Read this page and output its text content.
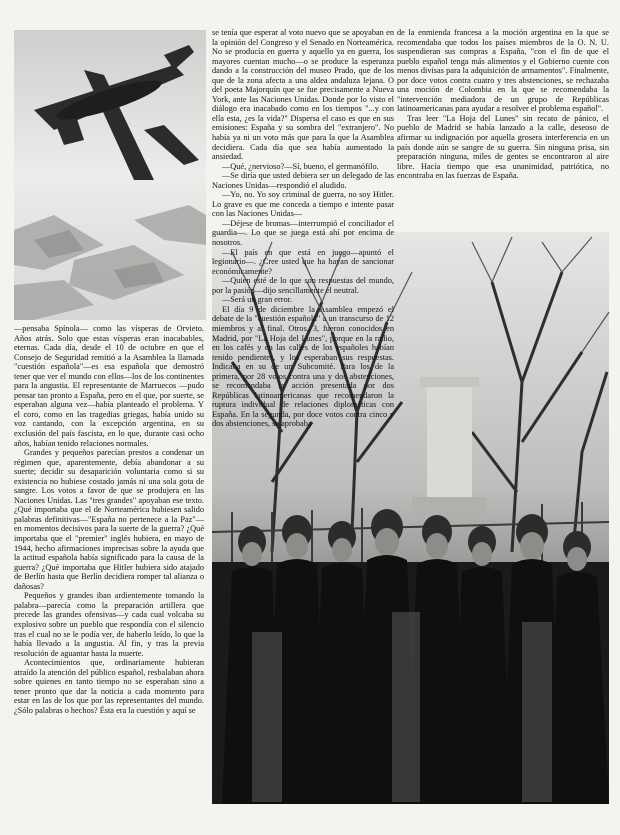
—pensaba Spínola— como las vísperas de Orvieto. Años atrás. Solo que estas vísperas eran inacabables, eternas. Cada día, desde el 10 de octubre en que el Consejo de Seguridad remitió a la Asamblea la llamada "cuestión española"—es esa española que demostró tener que ver el mundo con ellos—los de los continentes para la angustia. El representante de Marruecos —pudo pensar tan pronto a España, pero en el que, por suerte, se esperaban alguna vez—había planteado el problema. Y el coro, como en las tragedias griegas, había unido su voz cantando, con la excepción argentina, en su exclusión del país fascista, en lo que, durante casi ocho años, habían tenido relaciones normales.

Grandes y pequeños parecían prestos a condenar un régimen que, aparentemente, debía abandonar a su suerte; decidir su desaparición voluntaria como si su existencia no hubiese costado jamás ni una sola gota de sangre. Los votos a favor de que se produjera en las Naciones Unidas. Las "tres grandes" apoyaban ese texto. ¿Qué importaba que el de Norteamérica hubiesen salido palabras definitivas—"España no pertenece a la Paz"—en momentos decisivos para la suerte de la guerra? ¿Qué importaba que el "premier" inglés hubiera, en mayo de 1944, hecho afirmaciones imprecisas sobre la ayuda que la actitud española había significado para la causa de la guerra? ¿Qué importaba que Hitler hubiera sido atajado de Berlín hasta que Berlín decidiera romper tal alianza o dañosas?

Pequeños y grandes iban ardientemente tomando la palabra—parecía como la preparación artillera que precede las grandes ofensivas—y cada cual volcaba su explosivo sobre un pueblo que respondía con el silencio tras el cual no se le podía ver, de haberlo leído, lo que la había llevado a la angustia. Al fin, y tras la previa resolución de aguantar hasta la muerte.

Acontecimientos que, ordinariamente hubieran atraído la atención del público español, resbalaban ahora sobre quienes en tanto tiempo no se esperaban sino a tener pronto que dar la noticia a cada momento para estar en las de los que por las representantes del mundo. ¿Sólo palabras o hechos? Ésta era la cuestión y aquí se

se tenía que esperar al voto nuevo que se apoyaban en la opinión del Congreso y el Senado en Norteamérica. No se producía en guerra y aquello ya en guerra, los mayores cuentan mucho—o se produce la esperanza dando a la construcción del museo Prado, que de los que de la zona afecta a una aldea andaluza lejana. O del poeta Majorquín que se fue precisamente a Nueva York, ante las Naciones Unidas. Donde por lo visto el diálogo era inacabado como en los tiempos "...y con ella esta, ¿es la vida?" Dispersa el caso es que en sus emisiones: España y su sombra del "extranjero". No había ya ni un voto más que para la que la Asamblea decidiera. Cada día que sea había aumentado la ansiedad.

—Qué, ¿nervioso?—Sí, bueno, el germanófilo.

—Se diría que usted debiera ser un delegado de las Naciones Unidas—respondió el aludido.

—Yo, no. Yo soy criminal de guerra, no soy Hitler. Lo grave es que me conceda a tiempo e intente pasar con las Naciones Unidas—

—Déjese de bromas—interrumpió el conciliador el guardia—. Lo que se juega está ahí por encima de nosotros.

—El país en que está en juego—apuntó el legionario—. ¿Cree usted que ha hayan de sancionar económicamente?

—Quien esté de lo que son respuestas del mundo, por la pasión—dijo sencillamente el neutral.

—Será un gran error.

El día 9 de diciembre la Asamblea empezó el debate de la "cuestión española" a un transcurso de 12 miembros y al final. Otros, 3, fueron conocidos en Madrid, por "La Hoja del Lunes", porque en la radio, en los cafés y en las calles de los españoles habían tenido pendientes, y los esperaban sus respuestas. Indicaba en su de un Subcomité. Para los de la primera, por 28 votos contra una y dos abstenciones, se recomendaba la acción presentada por dos Repúblicas latinoamericanas que recomendaron la ruptura individual de relaciones diplomáticas con España. En la segunda, por doce votos contra cinco y dos abstenciones, se aprobaba

de la enmienda francesa a la moción argentina en la que se recomendaba que todos los países miembros de la O. N. U. suspendieran sus compras a España, "con el fin de que el pueblo español tenga más alimentos y el Gobierno cuente con menos divisas para la adquisición de armamentos". Finalmente, por doce votos contra cuatro y tres abstenciones, se rechazaba una moción de Colombia en la que se recomendaba la "intervención mediadora de un grupo de Repúblicas latinoamericanas para ayudar a resolver el problema español".

Tras leer "La Hoja del Lunes" sin recato de pánico, el pueblo de Madrid se había lanzado a la calle, deseoso de afirmar su indignación por aquella grosera interferencia en un país donde aún se sangre de su guerra. Sin ninguna prisa, sin preparación ninguna, miles de gentes se encontraron al aire libre. Hacía tiempo que esa unanimidad, patriótica, no encontraba en las fuerzas de España.
